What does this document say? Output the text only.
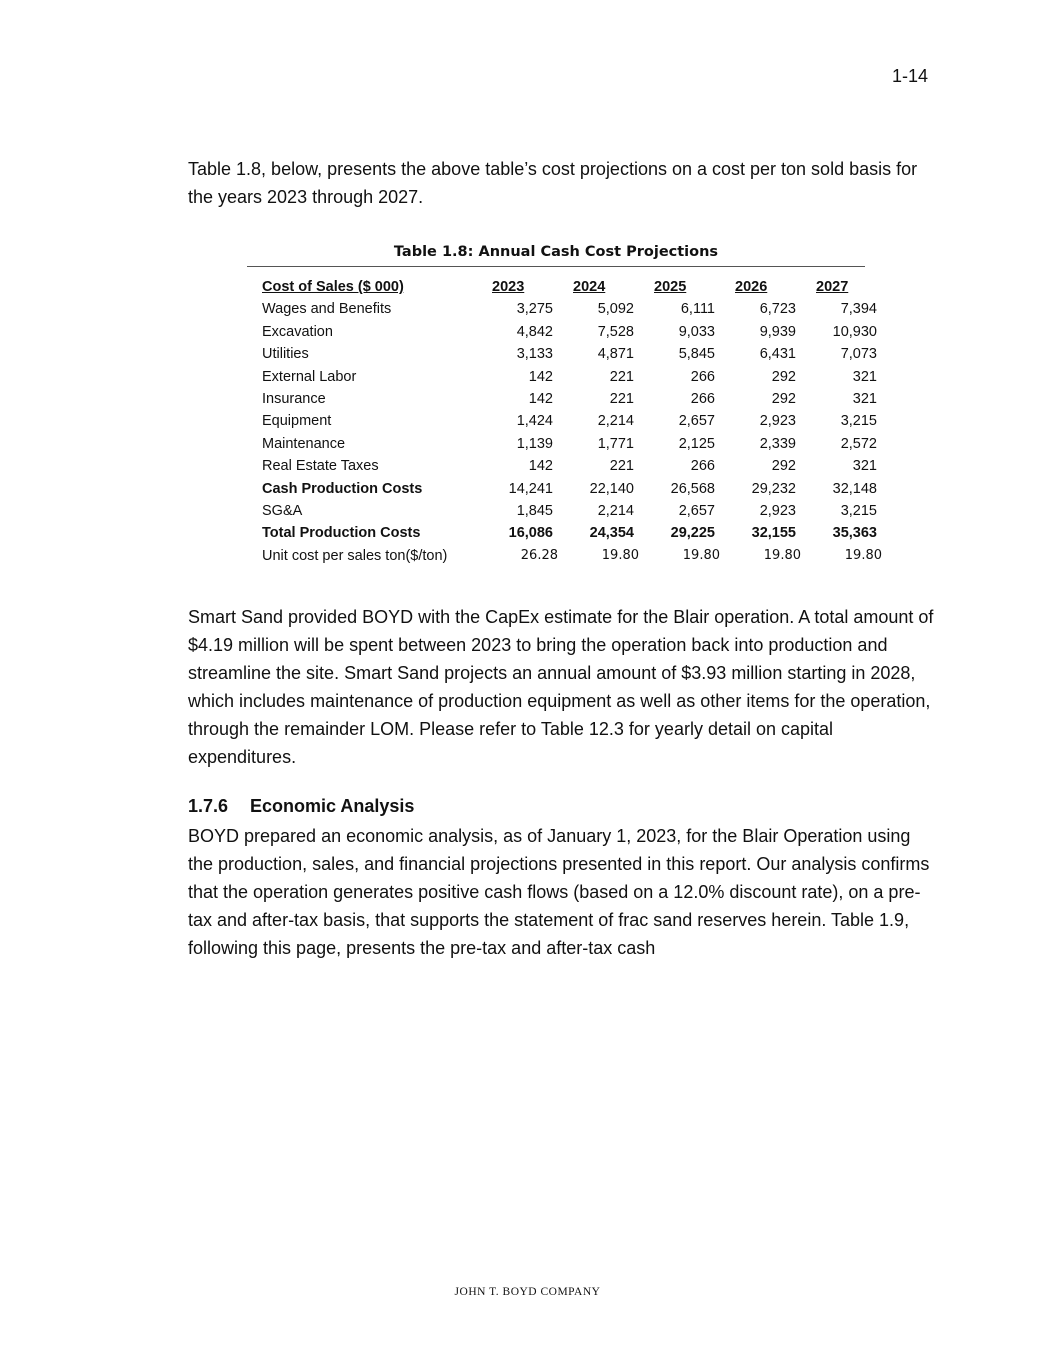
1-14

Table 1.8, below, presents the above table’s cost projections on a cost per ton sold basis for the years 2023 through 2027.

Table 1.8: Annual Cash Cost Projections
Cost of Sales ($ 000)	2023	2024	2025	2026	2027
Wages and Benefits	3,275	5,092	6,111	6,723	7,394
Excavation	4,842	7,528	9,033	9,939	10,930
Utilities	3,133	4,871	5,845	6,431	7,073
External Labor	142	221	266	292	321
Insurance	142	221	266	292	321
Equipment	1,424	2,214	2,657	2,923	3,215
Maintenance	1,139	1,771	2,125	2,339	2,572
Real Estate Taxes	142	221	266	292	321
Cash Production Costs	14,241	22,140	26,568	29,232	32,148
SG&A	1,845	2,214	2,657	2,923	3,215
Total Production Costs	16,086	24,354	29,225	32,155	35,363
Unit cost per sales ton($/ton)	26.28	19.80	19.80	19.80	19.80

Smart Sand provided BOYD with the CapEx estimate for the Blair operation. A total amount of $4.19 million will be spent between 2023 to bring the operation back into production and streamline the site. Smart Sand projects an annual amount of $3.93 million starting in 2028, which includes maintenance of production equipment as well as other items for the operation, through the remainder LOM. Please refer to Table 12.3 for yearly detail on capital expenditures.

1.7.6 Economic Analysis

BOYD prepared an economic analysis, as of January 1, 2023, for the Blair Operation using the production, sales, and financial projections presented in this report. Our analysis confirms that the operation generates positive cash flows (based on a 12.0% discount rate), on a pre-tax and after-tax basis, that supports the statement of frac sand reserves herein. Table 1.9, following this page, presents the pre-tax and after-tax cash

JOHN T. BOYD COMPANY
